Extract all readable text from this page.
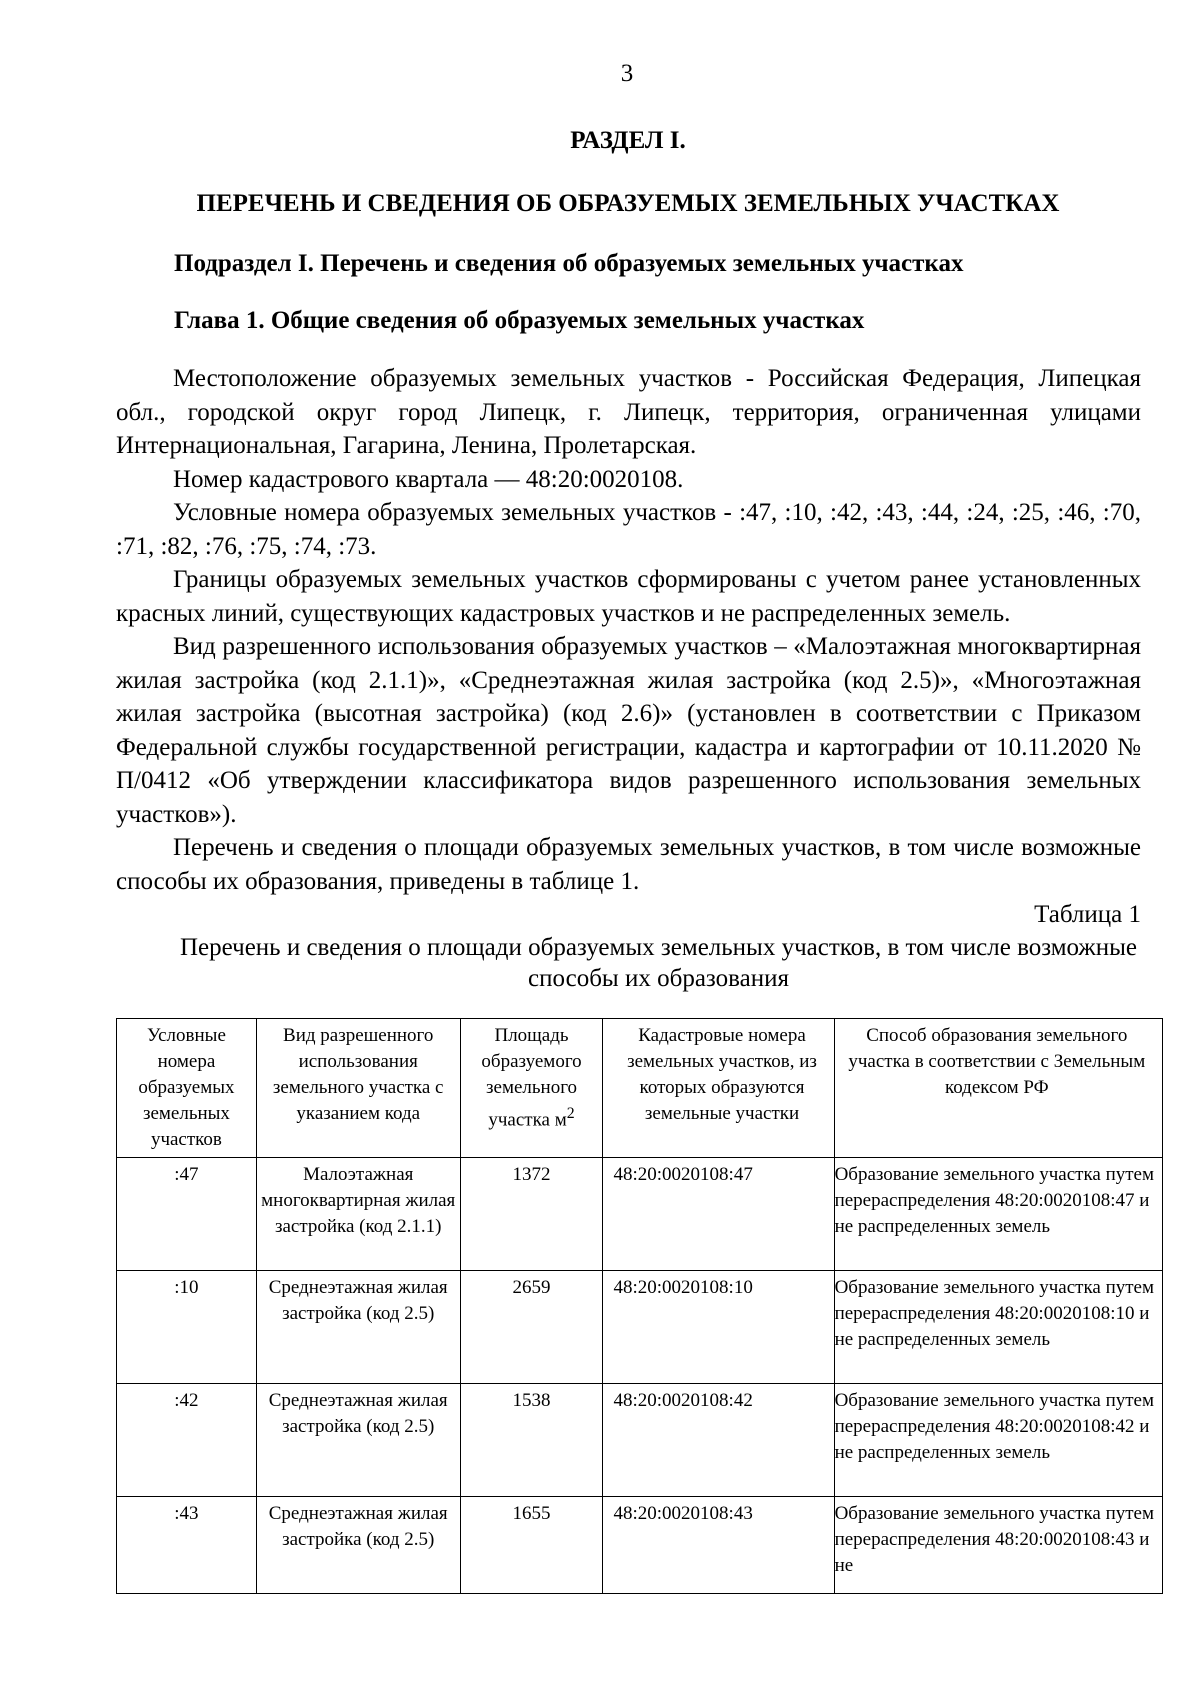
3
РАЗДЕЛ I.
ПЕРЕЧЕНЬ И СВЕДЕНИЯ ОБ ОБРАЗУЕМЫХ ЗЕМЕЛЬНЫХ УЧАСТКАХ
Подраздел I. Перечень и сведения об образуемых земельных участках
Глава 1. Общие сведения об образуемых земельных участках

Местоположение образуемых земельных участков - Российская Федерация, Липецкая обл., городской округ город Липецк, г. Липецк, территория, ограниченная улицами Интернациональная, Гагарина, Ленина, Пролетарская.

Номер кадастрового квартала — 48:20:0020108.

Условные номера образуемых земельных участков - :47, :10, :42, :43, :44, :24, :25, :46, :70, :71, :82, :76, :75, :74, :73.

Границы образуемых земельных участков сформированы с учетом ранее установленных красных линий, существующих кадастровых участков и не распределенных земель.

Вид разрешенного использования образуемых участков – «Малоэтажная многоквартирная жилая застройка (код 2.1.1)», «Среднеэтажная жилая застройка (код 2.5)», «Многоэтажная жилая застройка (высотная застройка) (код 2.6)» (установлен в соответствии с Приказом Федеральной службы государственной регистрации, кадастра и картографии от 10.11.2020 № П/0412 «Об утверждении классификатора видов разрешенного использования земельных участков»).

Перечень и сведения о площади образуемых земельных участков, в том числе возможные способы их образования, приведены в таблице 1.

Таблица 1

Перечень и сведения о площади образуемых земельных участков, в том числе возможные способы их образования

Условные номера образуемых земельных участков	Вид разрешенного использования земельного участка с указанием кода	Площадь образуемого земельного участка $м^2$	Кадастровые номера земельных участков, из которых образуются земельные участки	Способ образования земельного участка в соответствии с Земельным кодексом РФ
:47	Малоэтажная многоквартирная жилая застройка (код 2.1.1)	1372	48:20:0020108:47	Образование земельного участка путем перераспределения 48:20:0020108:47 и не распределенных земель
:10	Среднеэтажная жилая застройка (код 2.5)	2659	48:20:0020108:10	Образование земельного участка путем перераспределения 48:20:0020108:10 и не распределенных земель
:42	Среднеэтажная жилая застройка (код 2.5)	1538	48:20:0020108:42	Образование земельного участка путем перераспределения 48:20:0020108:42 и не распределенных земель
:43	Среднеэтажная жилая застройка (код 2.5)	1655	48:20:0020108:43	Образование земельного участка путем перераспределения 48:20:0020108:43 и не
